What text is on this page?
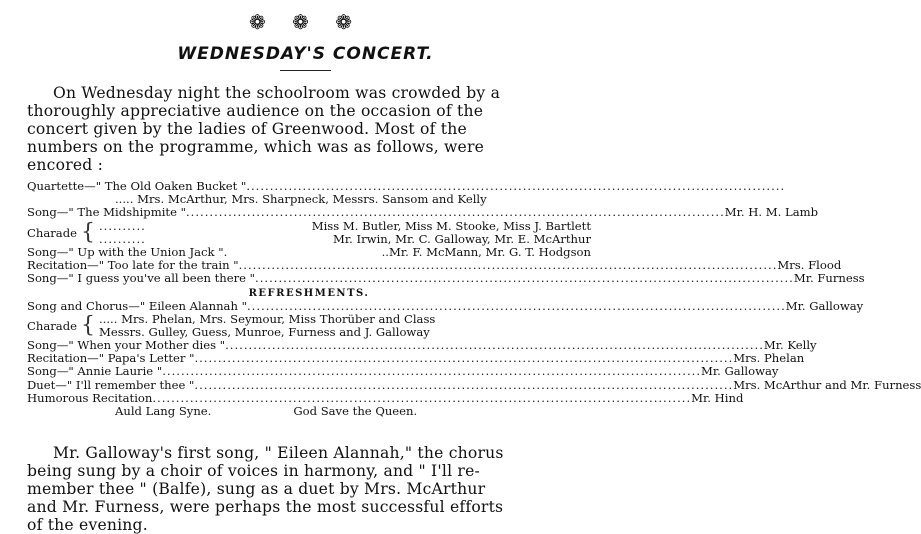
❁ ❁ ❁
WEDNESDAY'S CONCERT.
On Wednesday night the schoolroom was crowded by a
thoroughly appreciative audience on the occasion of the
concert given by the ladies of Greenwood. Most of the
numbers on the programme, which was as follows, were
encored :
Quartette—" The Old Oaken Bucket " ...................................................................................................................
..... Mrs. McArthur, Mrs. Sharpneck, Messrs. Sansom and Kelly
Song—" The Midshipmite " ................................................................................................................... Mr. H. M. Lamb
Charade { ..........	Miss M. Butler, Miss M. Stooke, Miss J. Bartlett
..........	Mr. Irwin, Mr. C. Galloway, Mr. E. McArthur
Song—" Up with the Union Jack " .	..Mr. F. McMann, Mr. G. T. Hodgson
Recitation—" Too late for the train " ................................................................................................................... Mrs. Flood
Song—" I guess you've all been there " ................................................................................................................... Mr. Furness
REFRESHMENTS.
Song and Chorus—" Eileen Alannah " ................................................................................................................... Mr. Galloway
Charade { ..... Mrs. Phelan, Mrs. Seymour, Miss Thorüber and Class
Messrs. Gulley, Guess, Munroe, Furness and J. Galloway
Song—" When your Mother dies " ................................................................................................................... Mr. Kelly
Recitation—" Papa's Letter " ................................................................................................................... Mrs. Phelan
Song—" Annie Laurie " ................................................................................................................... Mr. Galloway
Duet—" I'll remember thee " ................................................................................................................... Mrs. McArthur and Mr. Furness
Humorous Recitation ................................................................................................................... Mr. Hind
Auld Lang Syne.	God Save the Queen.
Mr. Galloway's first song, " Eileen Alannah," the chorus
being sung by a choir of voices in harmony, and " I'll re-
member thee " (Balfe), sung as a duet by Mrs. McArthur
and Mr. Furness, were perhaps the most successful efforts
of the evening.
